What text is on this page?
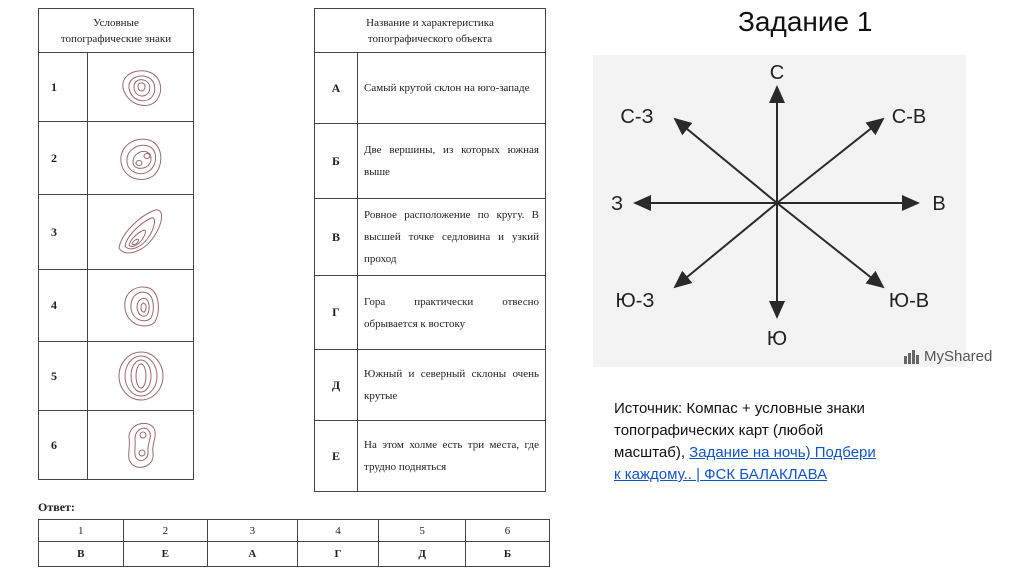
Условные
топографические знаки	
1	

2	

3	

4	

5	

6	
Название и характеристика
топографического объекта	
А	Самый крутой склон на юго-западе
Б	Две вершины, из которых южная выше
В	Ровное расположение по кругу. В высшей точке седловина и узкий проход
Г	Гора практически отвесно обрывается к востоку
Д	Южный и северный склоны очень крутые
Е	На этом холме есть три места, где трудно подняться
Ответ:
1	2	3	4	5	6
В	Е	А	Г	Д	Б
Задание 1
С
С-В
В
Ю-В
Ю
Ю-З
З
С-З
MyShared
Источник: Компас + условные знаки топографических карт (любой масштаб), Задание на ночь) Подбери к каждому.. | ФСК БАЛАКЛАВА
